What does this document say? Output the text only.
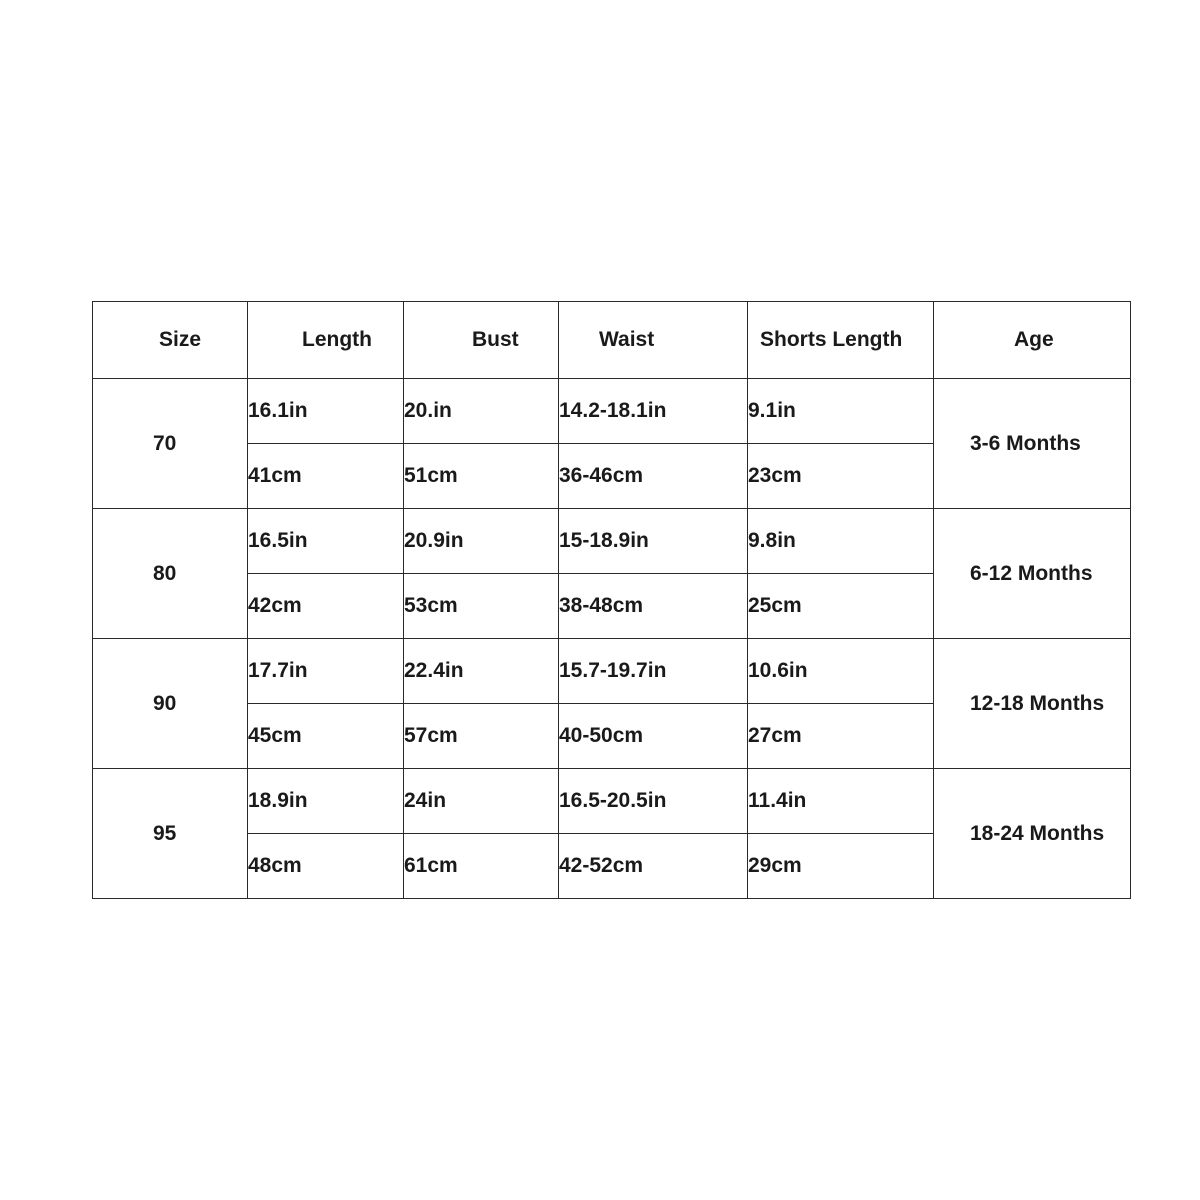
Size	Length	Bust	Waist	Shorts Length	Age
70	16.1in	20.in	14.2-18.1in	9.1in	3-6 Months
	41cm	51cm	36-46cm	23cm	
80	16.5in	20.9in	15-18.9in	9.8in	6-12 Months
	42cm	53cm	38-48cm	25cm	
90	17.7in	22.4in	15.7-19.7in	10.6in	12-18 Months
	45cm	57cm	40-50cm	27cm	
95	18.9in	24in	16.5-20.5in	11.4in	18-24 Months
	48cm	61cm	42-52cm	29cm	
